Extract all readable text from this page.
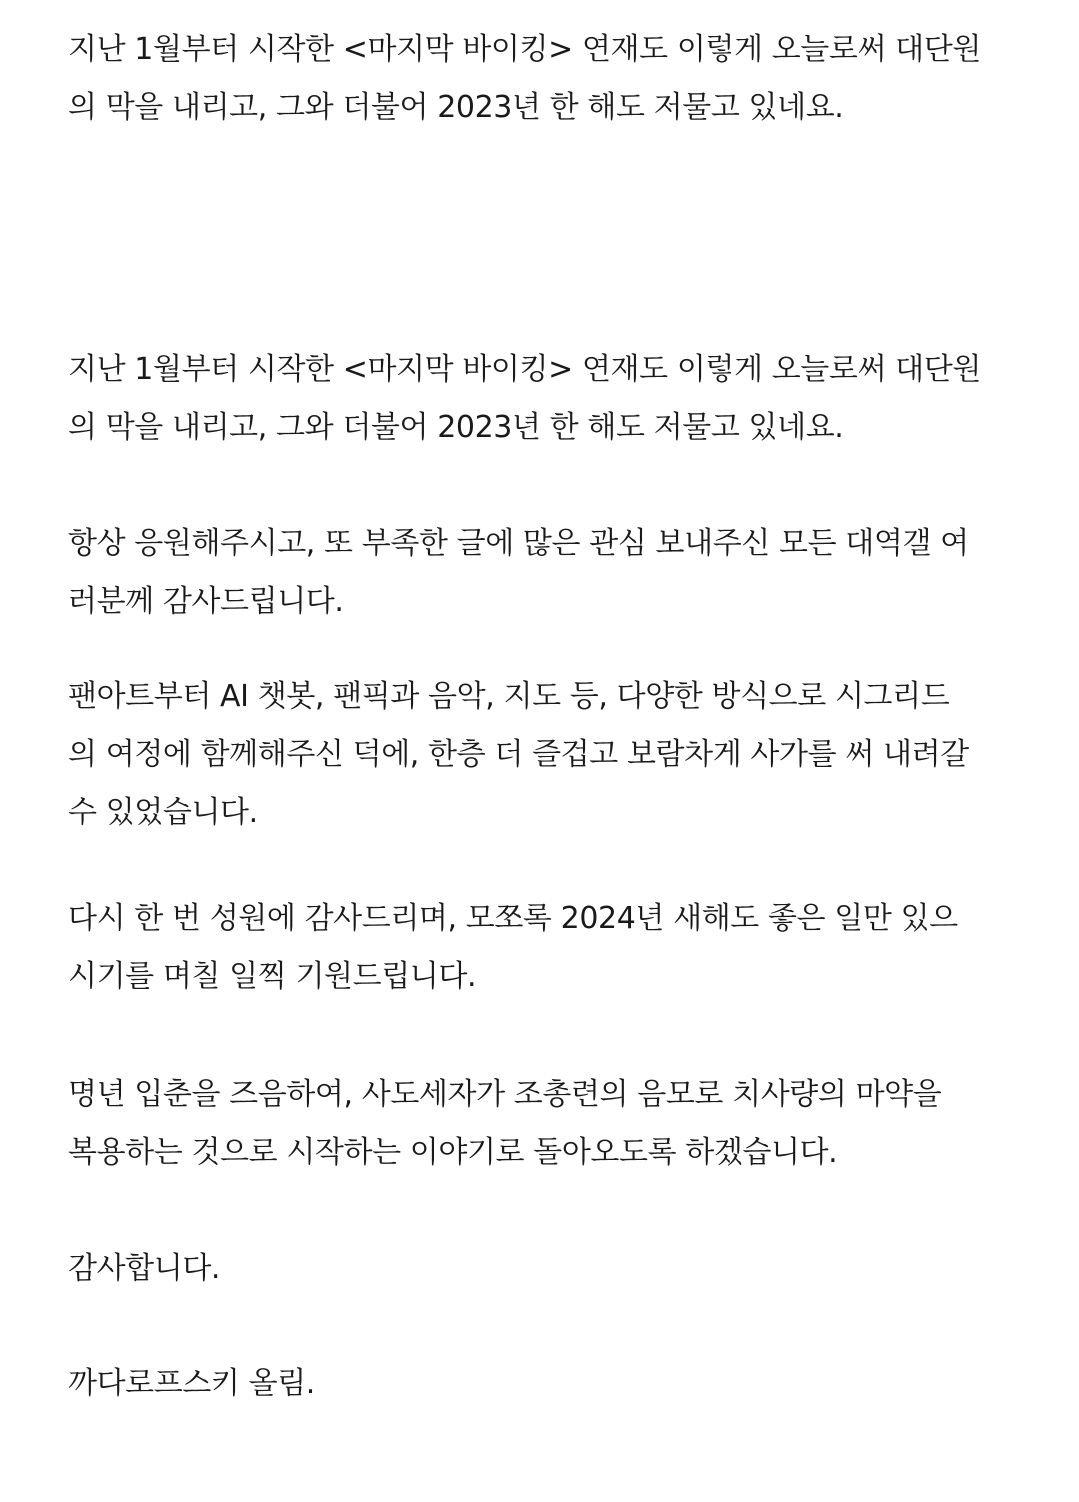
지난 1월부터 시작한 <마지막 바이킹> 연재도 이렇게 오늘로써 대단원
의 막을 내리고, 그와 더불어 2023년 한 해도 저물고 있네요.

지난 1월부터 시작한 <마지막 바이킹> 연재도 이렇게 오늘로써 대단원
의 막을 내리고, 그와 더불어 2023년 한 해도 저물고 있네요.

항상 응원해주시고, 또 부족한 글에 많은 관심 보내주신 모든 대역갤 여
러분께 감사드립니다.

팬아트부터 AI 챗봇, 팬픽과 음악, 지도 등, 다양한 방식으로 시그리드
의 여정에 함께해주신 덕에, 한층 더 즐겁고 보람차게 사가를 써 내려갈
수 있었습니다.

다시 한 번 성원에 감사드리며, 모쪼록 2024년 새해도 좋은 일만 있으
시기를 며칠 일찍 기원드립니다.

명년 입춘을 즈음하여, 사도세자가 조총련의 음모로 치사량의 마약을
복용하는 것으로 시작하는 이야기로 돌아오도록 하겠습니다.

감사합니다.

까다로프스키 올림.
